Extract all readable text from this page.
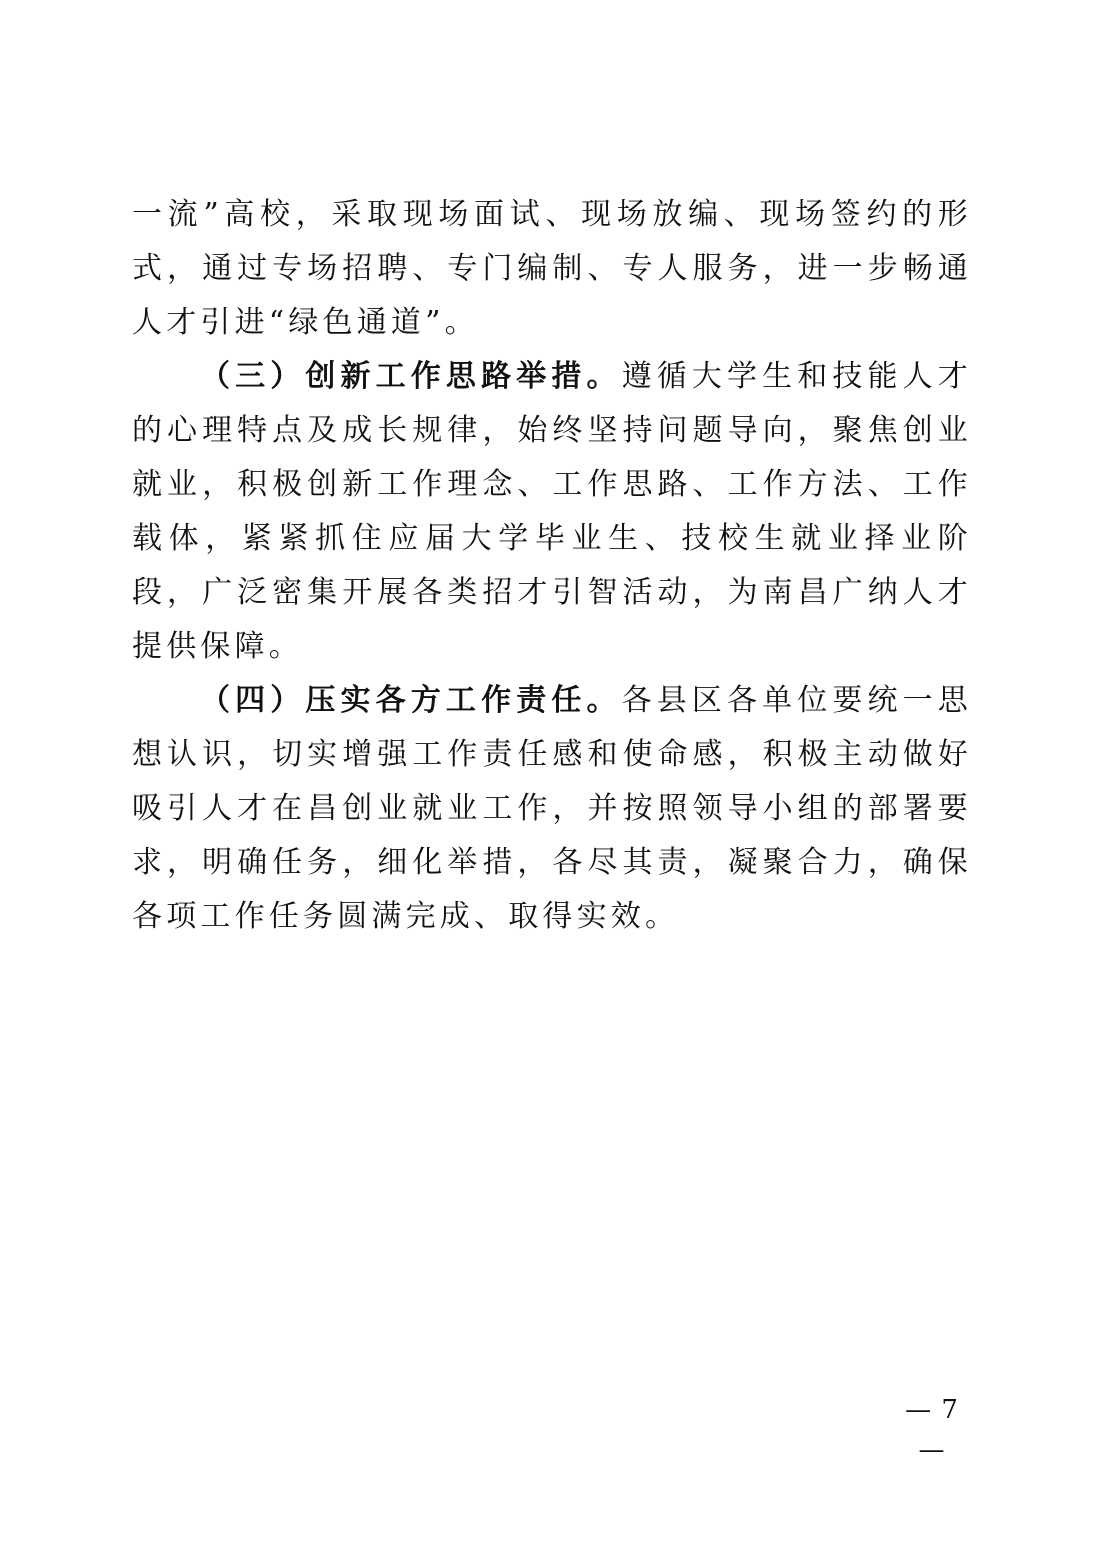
一流”高校，采取现场面试、现场放编、现场签约的形式，通过专场招聘、专门编制、专人服务，进一步畅通人才引进“绿色通道”。

（三）创新工作思路举措。遵循大学生和技能人才的心理特点及成长规律，始终坚持问题导向，聚焦创业就业，积极创新工作理念、工作思路、工作方法、工作载体，紧紧抓住应届大学毕业生、技校生就业择业阶段，广泛密集开展各类招才引智活动，为南昌广纳人才提供保障。

（四）压实各方工作责任。各县区各单位要统一思想认识，切实增强工作责任感和使命感，积极主动做好吸引人才在昌创业就业工作，并按照领导小组的部署要求，明确任务，细化举措，各尽其责，凝聚合力，确保各项工作任务圆满完成、取得实效。

— 7 —
